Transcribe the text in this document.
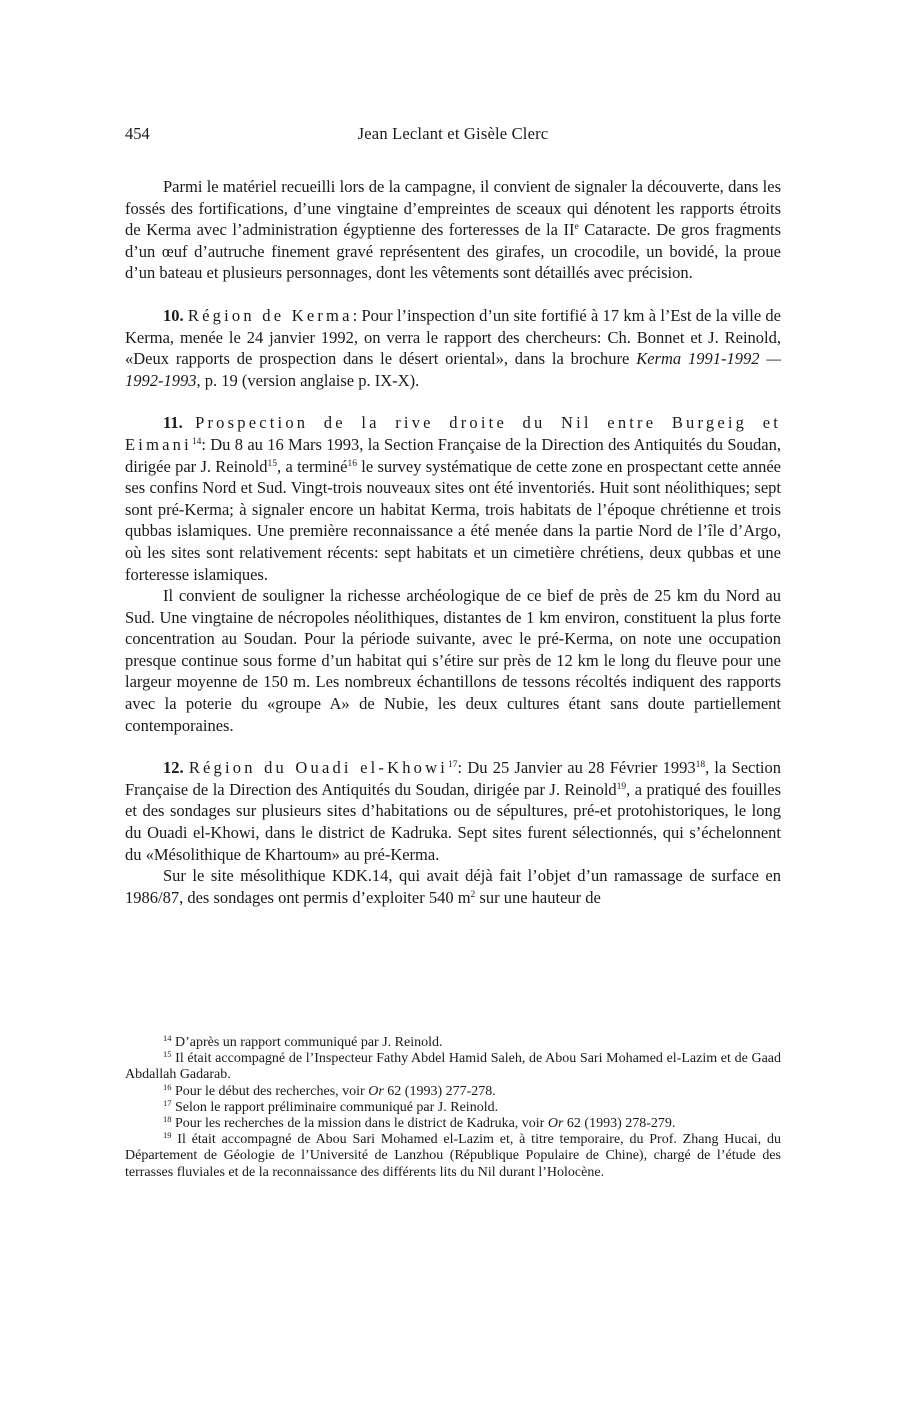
454	Jean Leclant et Gisèle Clerc

Parmi le matériel recueilli lors de la campagne, il convient de signaler la découverte, dans les fossés des fortifications, d’une vingtaine d’empreintes de sceaux qui dénotent les rapports étroits de Kerma avec l’administration égyptienne des forteresses de la IIe Cataracte. De gros fragments d’un œuf d’autruche finement gravé représentent des girafes, un crocodile, un bovidé, la proue d’un bateau et plusieurs personnages, dont les vêtements sont détaillés avec précision.

10. Région de Kerma: Pour l’inspection d’un site fortifié à 17 km à l’Est de la ville de Kerma, menée le 24 janvier 1992, on verra le rapport des chercheurs: Ch. Bonnet et J. Reinold, «Deux rapports de prospection dans le désert oriental», dans la brochure Kerma 1991-1992 — 1992-1993, p. 19 (version anglaise p. IX-X).

11. Prospection de la rive droite du Nil entre Burgeig et Eimani$^{14}$: Du 8 au 16 Mars 1993, la Section Française de la Direction des Antiquités du Soudan, dirigée par J. Reinold$^{15}$, a terminé$^{16}$ le survey systématique de cette zone en prospectant cette année ses confins Nord et Sud. Vingt-trois nouveaux sites ont été inventoriés. Huit sont néolithiques; sept sont pré-Kerma; à signaler encore un habitat Kerma, trois habitats de l’époque chrétienne et trois qubbas islamiques. Une première reconnaissance a été menée dans la partie Nord de l’île d’Argo, où les sites sont relativement récents: sept habitats et un cimetière chrétiens, deux qubbas et une forteresse islamiques.

Il convient de souligner la richesse archéologique de ce bief de près de 25 km du Nord au Sud. Une vingtaine de nécropoles néolithiques, distantes de 1 km environ, constituent la plus forte concentration au Soudan. Pour la période suivante, avec le pré-Kerma, on note une occupation presque continue sous forme d’un habitat qui s’étire sur près de 12 km le long du fleuve pour une largeur moyenne de 150 m. Les nombreux échantillons de tessons récoltés indiquent des rapports avec la poterie du «groupe A» de Nubie, les deux cultures étant sans doute partiellement contemporaines.

12. Région du Ouadi el-Khowi$^{17}$: Du 25 Janvier au 28 Février 1993$^{18}$, la Section Française de la Direction des Antiquités du Soudan, dirigée par J. Reinold$^{19}$, a pratiqué des fouilles et des sondages sur plusieurs sites d’habitations ou de sépultures, pré-et protohistoriques, le long du Ouadi el-Khowi, dans le district de Kadruka. Sept sites furent sélectionnés, qui s’échelonnent du «Mésolithique de Khartoum» au pré-Kerma.

Sur le site mésolithique KDK.14, qui avait déjà fait l’objet d’un ramassage de surface en 1986/87, des sondages ont permis d’exploiter 540 $m^2$ sur une hauteur de

$^{14}$ D’après un rapport communiqué par J. Reinold.

$^{15}$ Il était accompagné de l’Inspecteur Fathy Abdel Hamid Saleh, de Abou Sari Mohamed el-Lazim et de Gaad Abdallah Gadarab.

$^{16}$ Pour le début des recherches, voir Or 62 (1993) 277-278.

$^{17}$ Selon le rapport préliminaire communiqué par J. Reinold.

$^{18}$ Pour les recherches de la mission dans le district de Kadruka, voir Or 62 (1993) 278-279.

$^{19}$ Il était accompagné de Abou Sari Mohamed el-Lazim et, à titre temporaire, du Prof. Zhang Hucai, du Département de Géologie de l’Université de Lanzhou (République Populaire de Chine), chargé de l’étude des terrasses fluviales et de la reconnaissance des différents lits du Nil durant l’Holocène.
